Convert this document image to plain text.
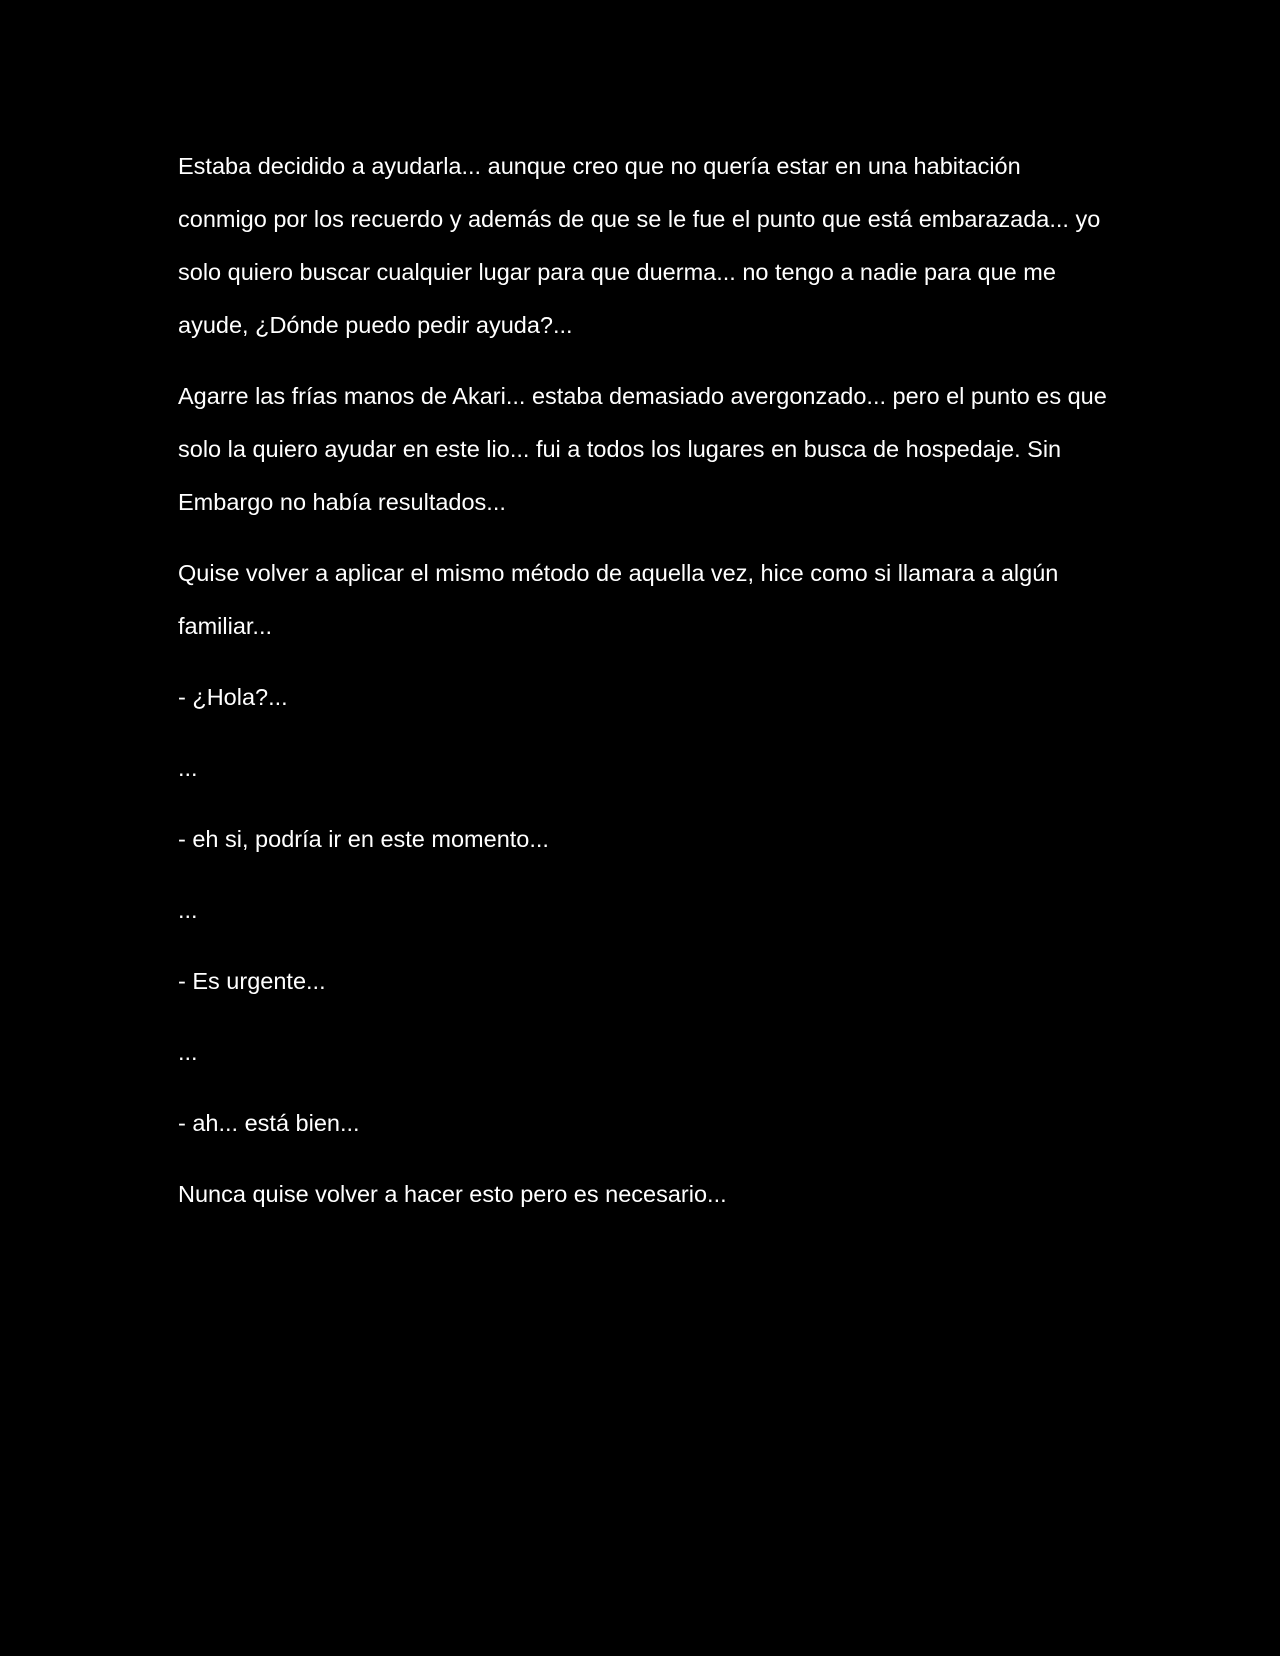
Estaba decidido a ayudarla... aunque creo que no quería estar en una habitación conmigo por los recuerdo y además de que se le fue el punto que está embarazada... yo solo quiero buscar cualquier lugar para que duerma... no tengo a nadie para que me ayude, ¿Dónde puedo pedir ayuda?...

Agarre las frías manos de Akari... estaba demasiado avergonzado... pero el punto es que solo la quiero ayudar en este lio... fui a todos los lugares en busca de hospedaje. Sin Embargo no había resultados...

Quise volver a aplicar el mismo método de aquella vez, hice como si llamara a algún familiar...

- ¿Hola?...

...

- eh si, podría ir en este momento...

...

- Es urgente...

...

- ah... está bien...

Nunca quise volver a hacer esto pero es necesario...
